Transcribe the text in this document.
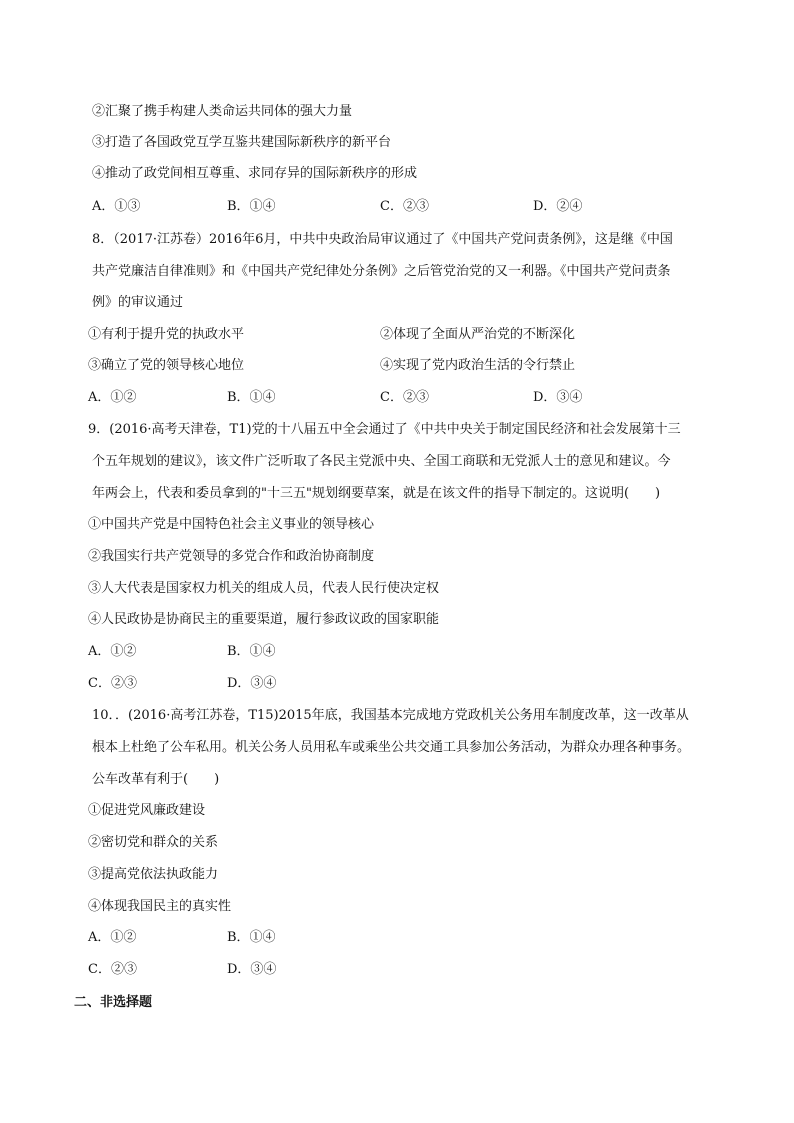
②汇聚了携手构建人类命运共同体的强大力量
③打造了各国政党互学互鉴共建国际新秩序的新平台
④推动了政党间相互尊重、求同存异的国际新秩序的形成
A．①③	B．①④	C．②③	D．②④
8．（2017·江苏卷）2016年6月，中共中央政治局审议通过了《中国共产党问责条例》，这是继《中国
共产党廉洁自律准则》和《中国共产党纪律处分条例》之后管党治党的又一利器。《中国共产党问责条
例》的审议通过
①有利于提升党的执政水平	②体现了全面从严治党的不断深化
③确立了党的领导核心地位	④实现了党内政治生活的令行禁止
A．①②	B．①④	C．②③	D．③④
9．(2016·高考天津卷，T1)党的十八届五中全会通过了《中共中央关于制定国民经济和社会发展第十三
个五年规划的建议》，该文件广泛听取了各民主党派中央、全国工商联和无党派人士的意见和建议。今
年两会上，代表和委员拿到的"十三五"规划纲要草案，就是在该文件的指导下制定的。这说明(　　)
①中国共产党是中国特色社会主义事业的领导核心
②我国实行共产党领导的多党合作和政治协商制度
③人大代表是国家权力机关的组成人员，代表人民行使决定权
④人民政协是协商民主的重要渠道，履行参政议政的国家职能
A．①②	B．①④
C．②③	D．③④
10．．(2016·高考江苏卷，T15)2015年底，我国基本完成地方党政机关公务用车制度改革，这一改革从
根本上杜绝了公车私用。机关公务人员用私车或乘坐公共交通工具参加公务活动，为群众办理各种事务。
公车改革有利于(　　)
①促进党风廉政建设
②密切党和群众的关系
③提高党依法执政能力
④体现我国民主的真实性
A．①②	B．①④
C．②③	D．③④
二、非选择题
